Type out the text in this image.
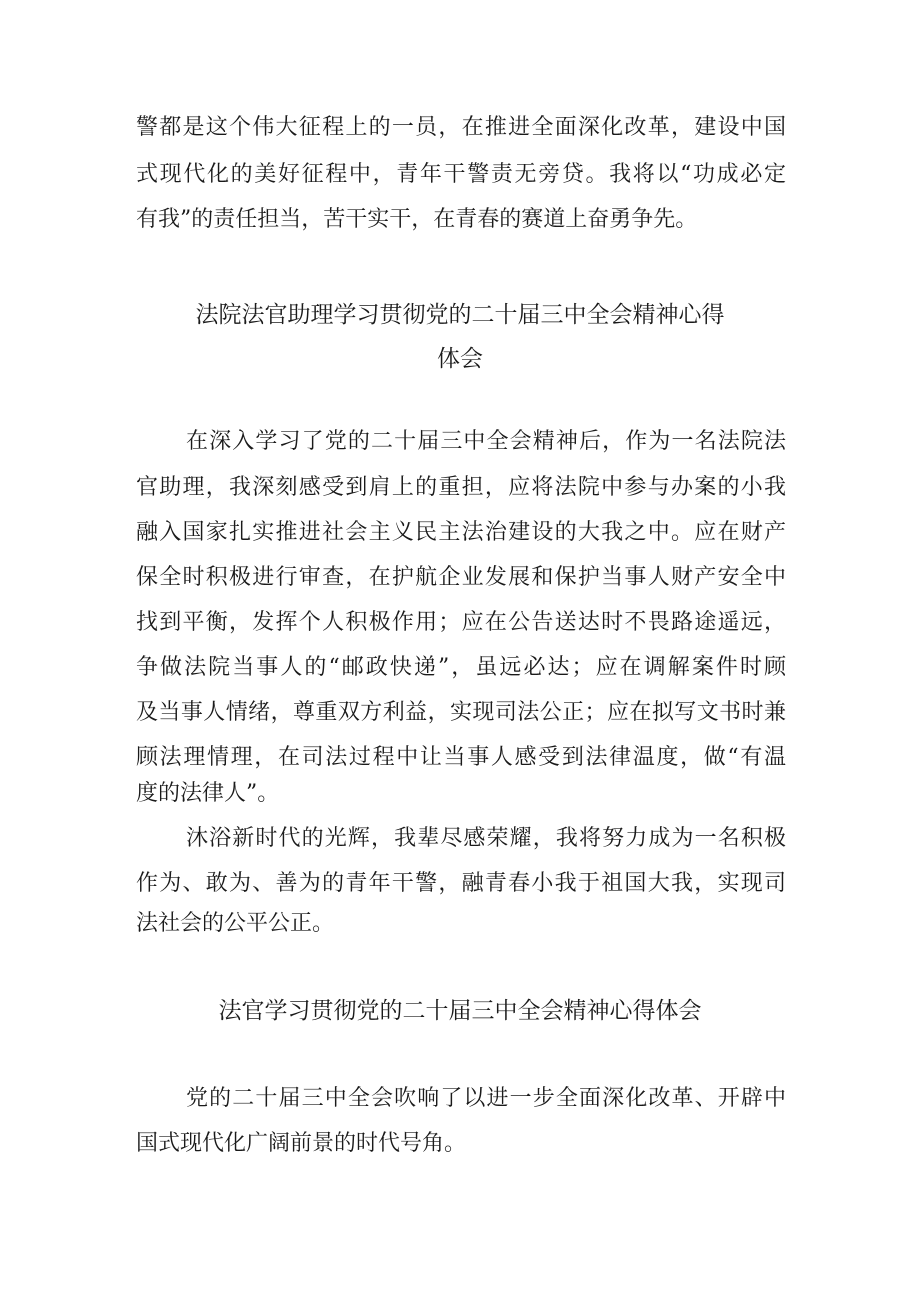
警都是这个伟大征程上的一员，在推进全面深化改革，建设中国
式现代化的美好征程中，青年干警责无旁贷。我将以“功成必定
有我”的责任担当，苦干实干，在青春的赛道上奋勇争先。
法院法官助理学习贯彻党的二十届三中全会精神心得
体会
在深入学习了党的二十届三中全会精神后，作为一名法院法
官助理，我深刻感受到肩上的重担，应将法院中参与办案的小我
融入国家扎实推进社会主义民主法治建设的大我之中。应在财产
保全时积极进行审查，在护航企业发展和保护当事人财产安全中
找到平衡，发挥个人积极作用；应在公告送达时不畏路途遥远，
争做法院当事人的“邮政快递”，虽远必达；应在调解案件时顾
及当事人情绪，尊重双方利益，实现司法公正；应在拟写文书时兼
顾法理情理，在司法过程中让当事人感受到法律温度，做“有温
度的法律人”。
沐浴新时代的光辉，我辈尽感荣耀，我将努力成为一名积极
作为、敢为、善为的青年干警，融青春小我于祖国大我，实现司
法社会的公平公正。
法官学习贯彻党的二十届三中全会精神心得体会
党的二十届三中全会吹响了以进一步全面深化改革、开辟中
国式现代化广阔前景的时代号角。
